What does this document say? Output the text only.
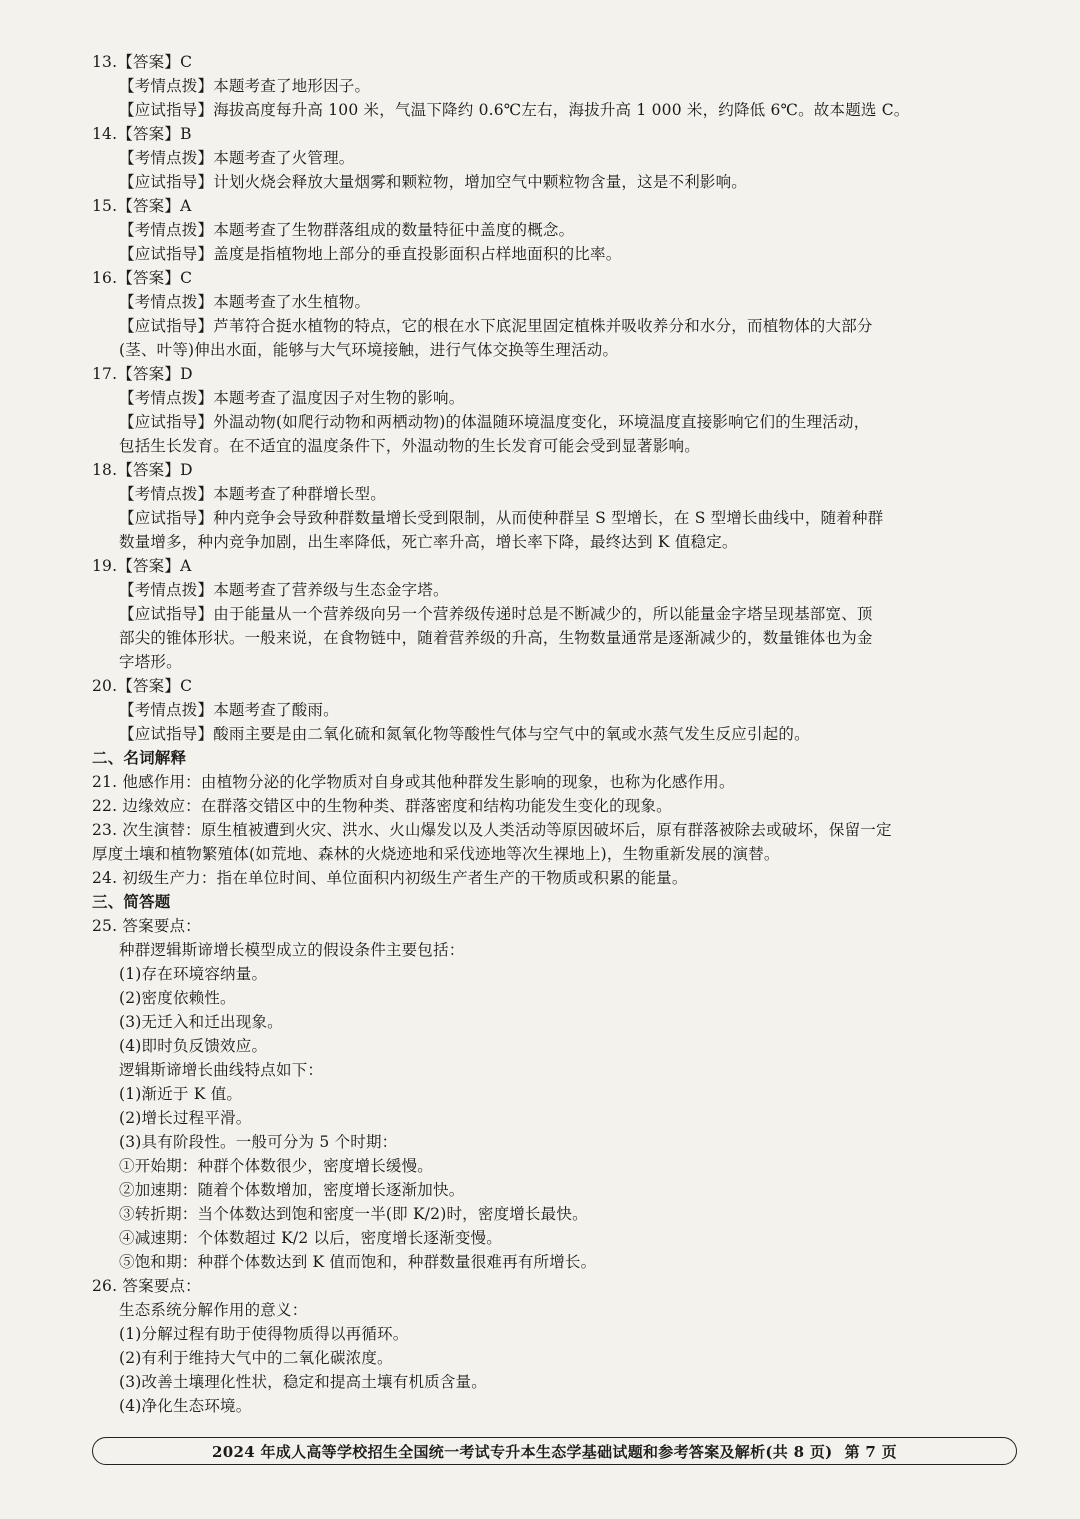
13.【答案】C
【考情点拨】本题考查了地形因子。
【应试指导】海拔高度每升高 100 米，气温下降约 0.6℃左右，海拔升高 1 000 米，约降低 6℃。故本题选 C。
14.【答案】B
【考情点拨】本题考查了火管理。
【应试指导】计划火烧会释放大量烟雾和颗粒物，增加空气中颗粒物含量，这是不利影响。
15.【答案】A
【考情点拨】本题考查了生物群落组成的数量特征中盖度的概念。
【应试指导】盖度是指植物地上部分的垂直投影面积占样地面积的比率。
16.【答案】C
【考情点拨】本题考查了水生植物。
【应试指导】芦苇符合挺水植物的特点，它的根在水下底泥里固定植株并吸收养分和水分，而植物体的大部分
(茎、叶等)伸出水面，能够与大气环境接触，进行气体交换等生理活动。
17.【答案】D
【考情点拨】本题考查了温度因子对生物的影响。
【应试指导】外温动物(如爬行动物和两栖动物)的体温随环境温度变化，环境温度直接影响它们的生理活动，
包括生长发育。在不适宜的温度条件下，外温动物的生长发育可能会受到显著影响。
18.【答案】D
【考情点拨】本题考查了种群增长型。
【应试指导】种内竞争会导致种群数量增长受到限制，从而使种群呈 S 型增长，在 S 型增长曲线中，随着种群
数量增多，种内竞争加剧，出生率降低，死亡率升高，增长率下降，最终达到 K 值稳定。
19.【答案】A
【考情点拨】本题考查了营养级与生态金字塔。
【应试指导】由于能量从一个营养级向另一个营养级传递时总是不断减少的，所以能量金字塔呈现基部宽、顶
部尖的锥体形状。一般来说，在食物链中，随着营养级的升高，生物数量通常是逐渐减少的，数量锥体也为金
字塔形。
20.【答案】C
【考情点拨】本题考查了酸雨。
【应试指导】酸雨主要是由二氧化硫和氮氧化物等酸性气体与空气中的氧或水蒸气发生反应引起的。
二、名词解释
21. 他感作用：由植物分泌的化学物质对自身或其他种群发生影响的现象，也称为化感作用。
22. 边缘效应：在群落交错区中的生物种类、群落密度和结构功能发生变化的现象。
23. 次生演替：原生植被遭到火灾、洪水、火山爆发以及人类活动等原因破坏后，原有群落被除去或破坏，保留一定
厚度土壤和植物繁殖体(如荒地、森林的火烧迹地和采伐迹地等次生裸地上)，生物重新发展的演替。
24. 初级生产力：指在单位时间、单位面积内初级生产者生产的干物质或积累的能量。
三、简答题
25. 答案要点：
种群逻辑斯谛增长模型成立的假设条件主要包括：
(1)存在环境容纳量。
(2)密度依赖性。
(3)无迁入和迁出现象。
(4)即时负反馈效应。
逻辑斯谛增长曲线特点如下：
(1)渐近于 K 值。
(2)增长过程平滑。
(3)具有阶段性。一般可分为 5 个时期：
①开始期：种群个体数很少，密度增长缓慢。
②加速期：随着个体数增加，密度增长逐渐加快。
③转折期：当个体数达到饱和密度一半(即 K/2)时，密度增长最快。
④减速期：个体数超过 K/2 以后，密度增长逐渐变慢。
⑤饱和期：种群个体数达到 K 值而饱和，种群数量很难再有所增长。
26. 答案要点：
生态系统分解作用的意义：
(1)分解过程有助于使得物质得以再循环。
(2)有利于维持大气中的二氧化碳浓度。
(3)改善土壤理化性状，稳定和提高土壤有机质含量。
(4)净化生态环境。
2024 年成人高等学校招生全国统一考试专升本生态学基础试题和参考答案及解析(共 8 页) 第 7 页
